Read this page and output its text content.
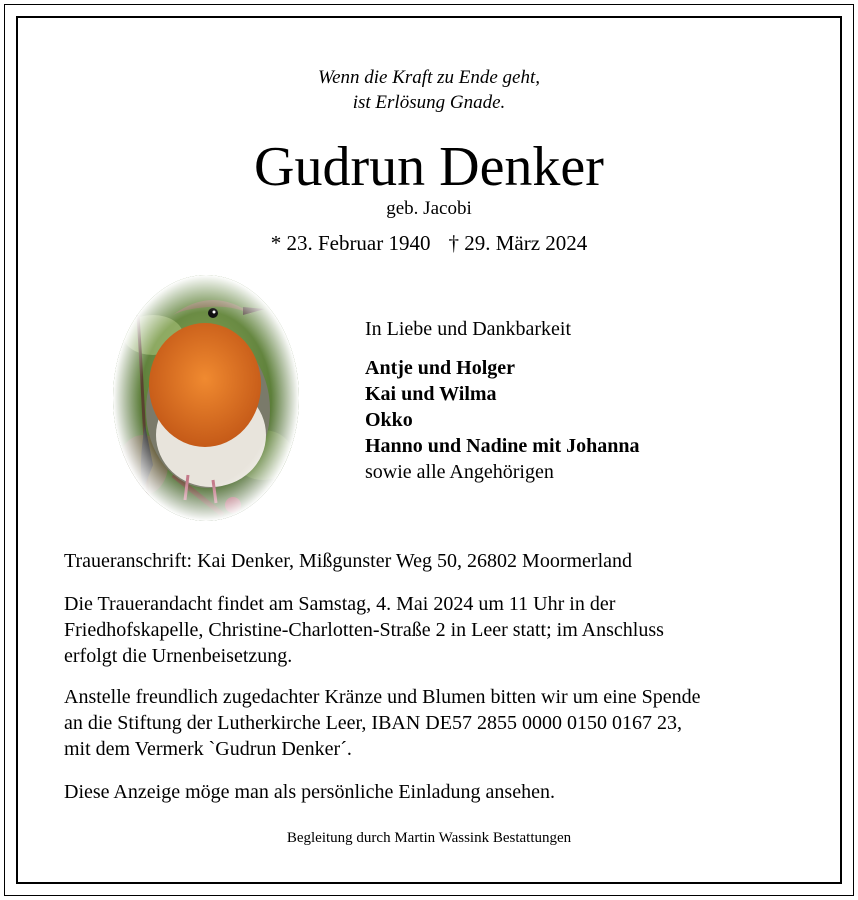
Wenn die Kraft zu Ende geht,
ist Erlösung Gnade.
Gudrun Denker
geb. Jacobi
* 23. Februar 1940 † 29. März 2024
In Liebe und Dankbarkeit
Antje und Holger
Kai und Wilma
Okko
Hanno und Nadine mit Johanna
sowie alle Angehörigen
Traueranschrift: Kai Denker, Mißgunster Weg 50, 26802 Moormerland
Die Trauerandacht findet am Samstag, 4. Mai 2024 um 11 Uhr in der
Friedhofskapelle, Christine-Charlotten-Straße 2 in Leer statt; im Anschluss
erfolgt die Urnenbeisetzung.
Anstelle freundlich zugedachter Kränze und Blumen bitten wir um eine Spende
an die Stiftung der Lutherkirche Leer, IBAN DE57 2855 0000 0150 0167 23,
mit dem Vermerk `Gudrun Denker´.
Diese Anzeige möge man als persönliche Einladung ansehen.
Begleitung durch Martin Wassink Bestattungen
